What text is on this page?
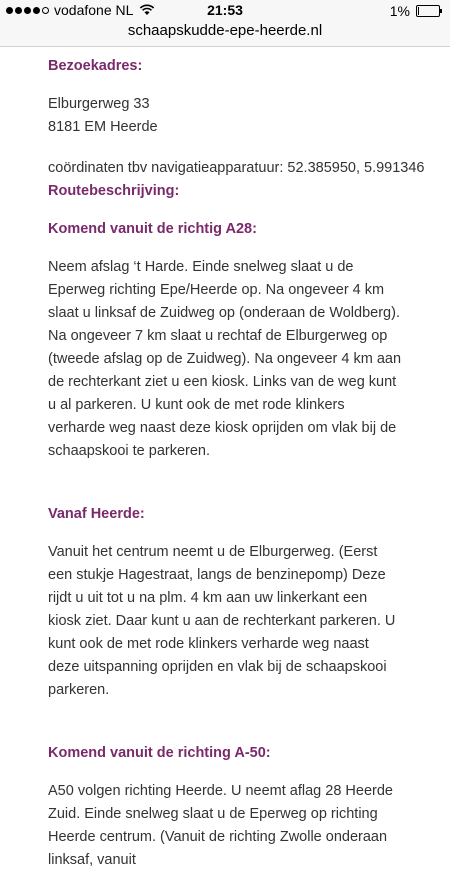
vodafone NL	21:53	1%
schaapskudde-epe-heerde.nl

Bezoekadres:

Elburgerweg 33

8181 EM Heerde

coördinaten tbv navigatieapparatuur: 52.385950, 5.991346

Routebeschrijving:

Komend vanuit de richtig A28:

Neem afslag ‘t Harde. Einde snelweg slaat u de Eperweg richting Epe/Heerde op. Na ongeveer 4 km slaat u linksaf de Zuidweg op (onderaan de Woldberg). Na ongeveer 7 km slaat u rechtaf de Elburgerweg op (tweede afslag op de Zuidweg). Na ongeveer 4 km aan de rechterkant ziet u een kiosk. Links van de weg kunt u al parkeren. U kunt ook de met rode klinkers verharde weg naast deze kiosk oprijden om vlak bij de schaapskooi te parkeren.

Vanaf Heerde:

Vanuit het centrum neemt u de Elburgerweg. (Eerst een stukje Hagestraat, langs de benzinepomp) Deze rijdt u uit tot u na plm. 4 km aan uw linkerkant een kiosk ziet. Daar kunt u aan de rechterkant parkeren. U kunt ook de met rode klinkers verharde weg naast deze uitspanning oprijden en vlak bij de schaapskooi parkeren.

Komend vanuit de richting A-50:

A50 volgen richting Heerde. U neemt aflag 28 Heerde Zuid. Einde snelweg slaat u de Eperweg op richting Heerde centrum. (Vanuit de richting Zwolle onderaan linksaf, vanuit
